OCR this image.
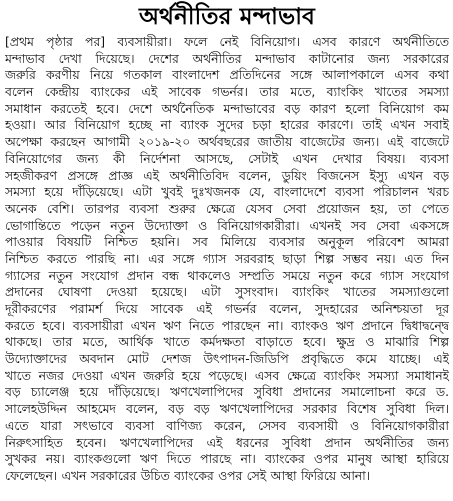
অর্থনীতির মন্দাভাব
[প্রথম পৃষ্ঠার পর] ব্যবসায়ীরা। ফলে নেই বিনিয়োগ। এসব কারণে অর্থনীতিতে
মন্দাভাব দেখা দিয়েছে। দেশের অর্থনীতির মন্দাভাব কাটানোর জন্য সরকারের
জরুরি করণীয় নিয়ে গতকাল বাংলাদেশ প্রতিদিনের সঙ্গে আলাপকালে এসব কথা
বলেন কেন্দ্রীয় ব্যাংকের এই সাবেক গভর্নর। তার মতে, ব্যাংকিং খাতের সমস্যা
সমাধান করতেই হবে। দেশে অর্থনৈতিক মন্দাভাবের বড় কারণ হলো বিনিয়োগ কম
হওয়া। আর বিনিয়োগ হচ্ছে না ব্যাংক সুদের চড়া হারের কারণে। তাই এখন সবাই
অপেক্ষা করছেন আগামী ২০১৯-২০ অর্থবছরের জাতীয় বাজেটের জন্য। এই বাজেটে
বিনিয়োগের জন্য কী নির্দেশনা আসছে, সেটাই এখন দেখার বিষয়। ব্যবসা
সহজীকরণ প্রসঙ্গে প্রাজ্ঞ এই অর্থনীতিবিদ বলেন, ডুয়িং বিজনেস ইস্যু এখন বড়
সমস্যা হয়ে দাঁড়িয়েছে। এটা খুবই দুঃখজনক যে, বাংলাদেশে ব্যবসা পরিচালন খরচ
অনেক বেশি। তারপর ব্যবসা শুরুর ক্ষেত্রে যেসব সেবা প্রয়োজন হয়, তা পেতে
ভোগান্তিতে পড়েন নতুন উদ্যোক্তা ও বিনিয়োগকারীরা। এখনই সব সেবা একসঙ্গে
পাওয়ার বিষয়টি নিশ্চিত হয়নি। সব মিলিয়ে ব্যবসার অনুকূল পরিবেশ আমরা
নিশ্চিত করতে পারছি না। এর সঙ্গে গ্যাস সরবরাহ ছাড়া শিল্প সম্ভব নয়। এত দিন
গ্যাসের নতুন সংযোগ প্রদান বন্ধ থাকলেও সম্প্রতি সময়ে নতুন করে গ্যাস সংযোগ
প্রদানের ঘোষণা দেওয়া হয়েছে। এটা সুসংবাদ। ব্যাংকিং খাতের সমস্যাগুলো
দূরীকরণের পরামর্শ দিয়ে সাবেক এই গভর্নর বলেন, সুদহারের অনিশ্চয়তা দূর
করতে হবে। ব্যবসায়ীরা এখন ঋণ নিতে পারছেন না। ব্যাংকও ঋণ প্রদানে দ্বিধাদ্বন্দ্বে
থাকছে। তার মতে, আর্থিক খাতে কর্মদক্ষতা বাড়াতে হবে। ক্ষুদ্র ও মাঝারি শিল্প
উদ্যোক্তাদের অবদান মোট দেশজ উৎপাদন-জিডিপি প্রবৃদ্ধিতে কমে যাচ্ছে। এই
খাতে নজর দেওয়া এখন জরুরি হয়ে পড়েছে। এসব ক্ষেত্রে ব্যাংকিং সমস্যা সমাধানই
বড় চ্যালেঞ্জ হয়ে দাঁড়িয়েছে। ঋণখেলাপিদের সুবিধা প্রদানের সমালোচনা করে ড.
সালেহউদ্দিন আহমেদ বলেন, বড় বড় ঋণখেলাপিদের সরকার বিশেষ সুবিধা দিল।
এতে যারা সৎভাবে ব্যবসা বাণিজ্য করেন, সেসব ব্যবসায়ী ও বিনিয়োগকারীরা
নিরুৎসাহিত হবেন। ঋণখেলাপিদের এই ধরনের সুবিধা প্রদান অর্থনীতির জন্য
সুখকর নয়। ব্যাংকগুলো ঋণ দিতে পারছে না। ব্যাংকের ওপর মানুষ আস্থা হারিয়ে
ফেলেছেন। এখন সরকারের উচিত ব্যাংকের ওপর সেই আস্থা ফিরিয়ে আনা।
